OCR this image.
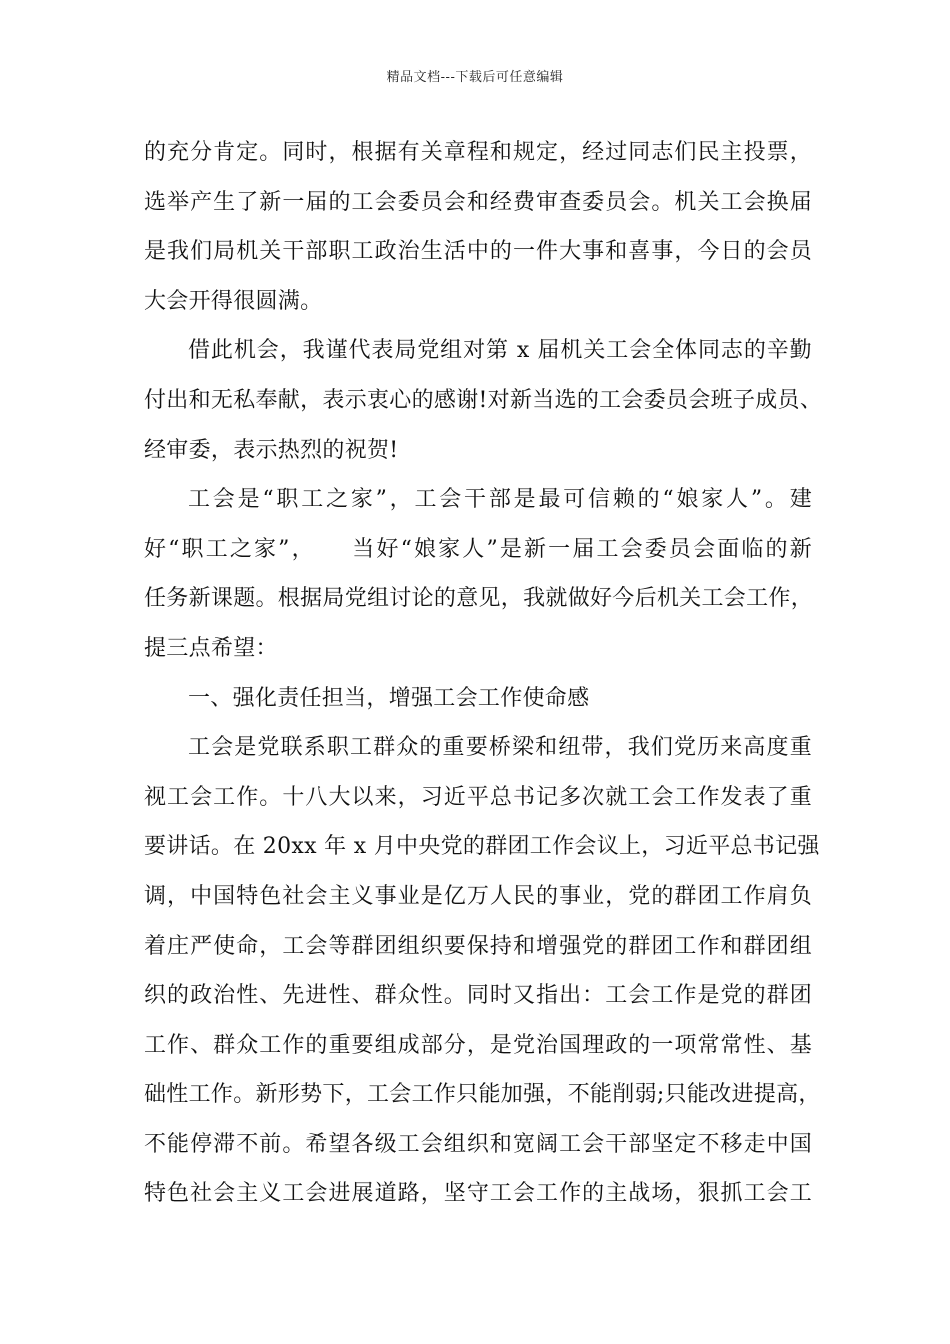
精品文档---下载后可任意编辑
的充分肯定。同时，根据有关章程和规定，经过同志们民主投票，
选举产生了新一届的工会委员会和经费审查委员会。机关工会换届
是我们局机关干部职工政治生活中的一件大事和喜事，今日的会员
大会开得很圆满。
借此机会，我谨代表局党组对第 x 届机关工会全体同志的辛勤
付出和无私奉献，表示衷心的感谢!对新当选的工会委员会班子成员、
经审委，表示热烈的祝贺!
工会是“职工之家”，工会干部是最可信赖的“娘家人”。建
好“职工之家”，    当好“娘家人”是新一届工会委员会面临的新
任务新课题。根据局党组讨论的意见，我就做好今后机关工会工作，
提三点希望：
一、强化责任担当，增强工会工作使命感
工会是党联系职工群众的重要桥梁和纽带，我们党历来高度重
视工会工作。十八大以来，习近平总书记多次就工会工作发表了重
要讲话。在 20xx 年 x 月中央党的群团工作会议上，习近平总书记强
调，中国特色社会主义事业是亿万人民的事业，党的群团工作肩负
着庄严使命，工会等群团组织要保持和增强党的群团工作和群团组
织的政治性、先进性、群众性。同时又指出：工会工作是党的群团
工作、群众工作的重要组成部分，是党治国理政的一项常常性、基
础性工作。新形势下，工会工作只能加强，不能削弱;只能改进提高，
不能停滞不前。希望各级工会组织和宽阔工会干部坚定不移走中国
特色社会主义工会进展道路，坚守工会工作的主战场，狠抓工会工
